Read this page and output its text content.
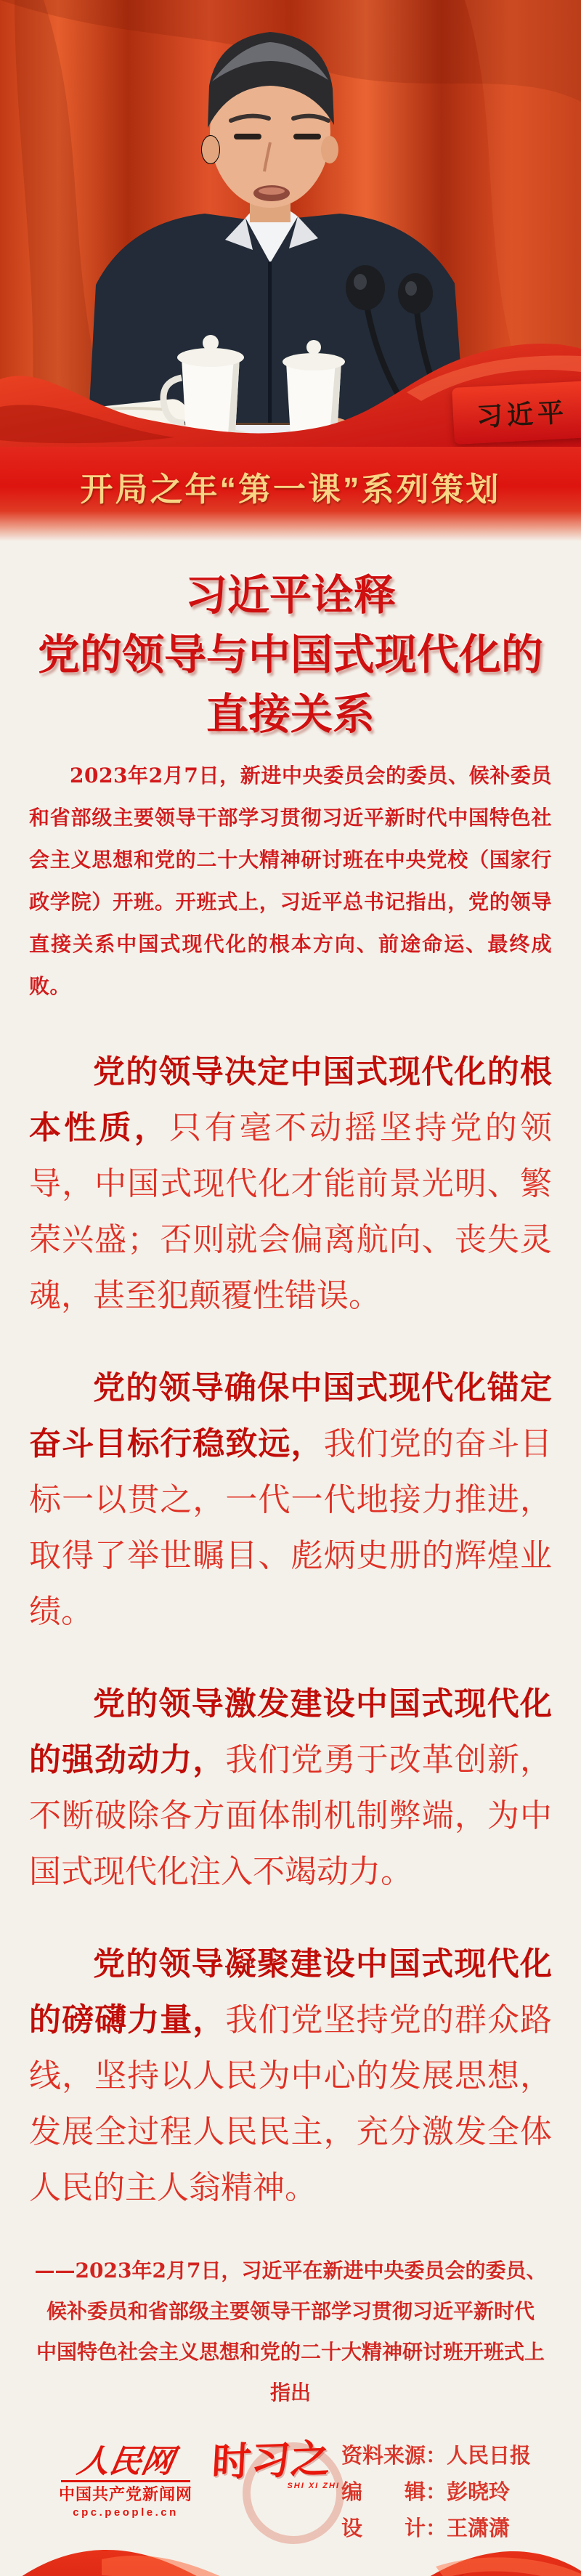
习近平
开局之年“第一课”系列策划
习近平诠释
党的领导与中国式现代化的
直接关系

2023年2月7日，新进中央委员会的委员、候补委员和省部级主要领导干部学习贯彻习近平新时代中国特色社会主义思想和党的二十大精神研讨班在中央党校（国家行政学院）开班。开班式上，习近平总书记指出，党的领导直接关系中国式现代化的根本方向、前途命运、最终成败。

党的领导决定中国式现代化的根本性质，只有毫不动摇坚持党的领导，中国式现代化才能前景光明、繁荣兴盛；否则就会偏离航向、丧失灵魂，甚至犯颠覆性错误。

党的领导确保中国式现代化锚定奋斗目标行稳致远，我们党的奋斗目标一以贯之，一代一代地接力推进，取得了举世瞩目、彪炳史册的辉煌业绩。

党的领导激发建设中国式现代化的强劲动力，我们党勇于改革创新，不断破除各方面体制机制弊端，为中国式现代化注入不竭动力。

党的领导凝聚建设中国式现代化的磅礴力量，我们党坚持党的群众路线，坚持以人民为中心的发展思想，发展全过程人民民主，充分激发全体人民的主人翁精神。

——2023年2月7日，习近平在新进中央委员会的委员、
候补委员和省部级主要领导干部学习贯彻习近平新时代
中国特色社会主义思想和党的二十大精神研讨班开班式上指出
资料来源：人民日报
编　　辑：彭晓玲
设　　计：王潇潇
人民网
中国共产党新闻网
cpc.people.cn
时习之
SHI XI ZHI
